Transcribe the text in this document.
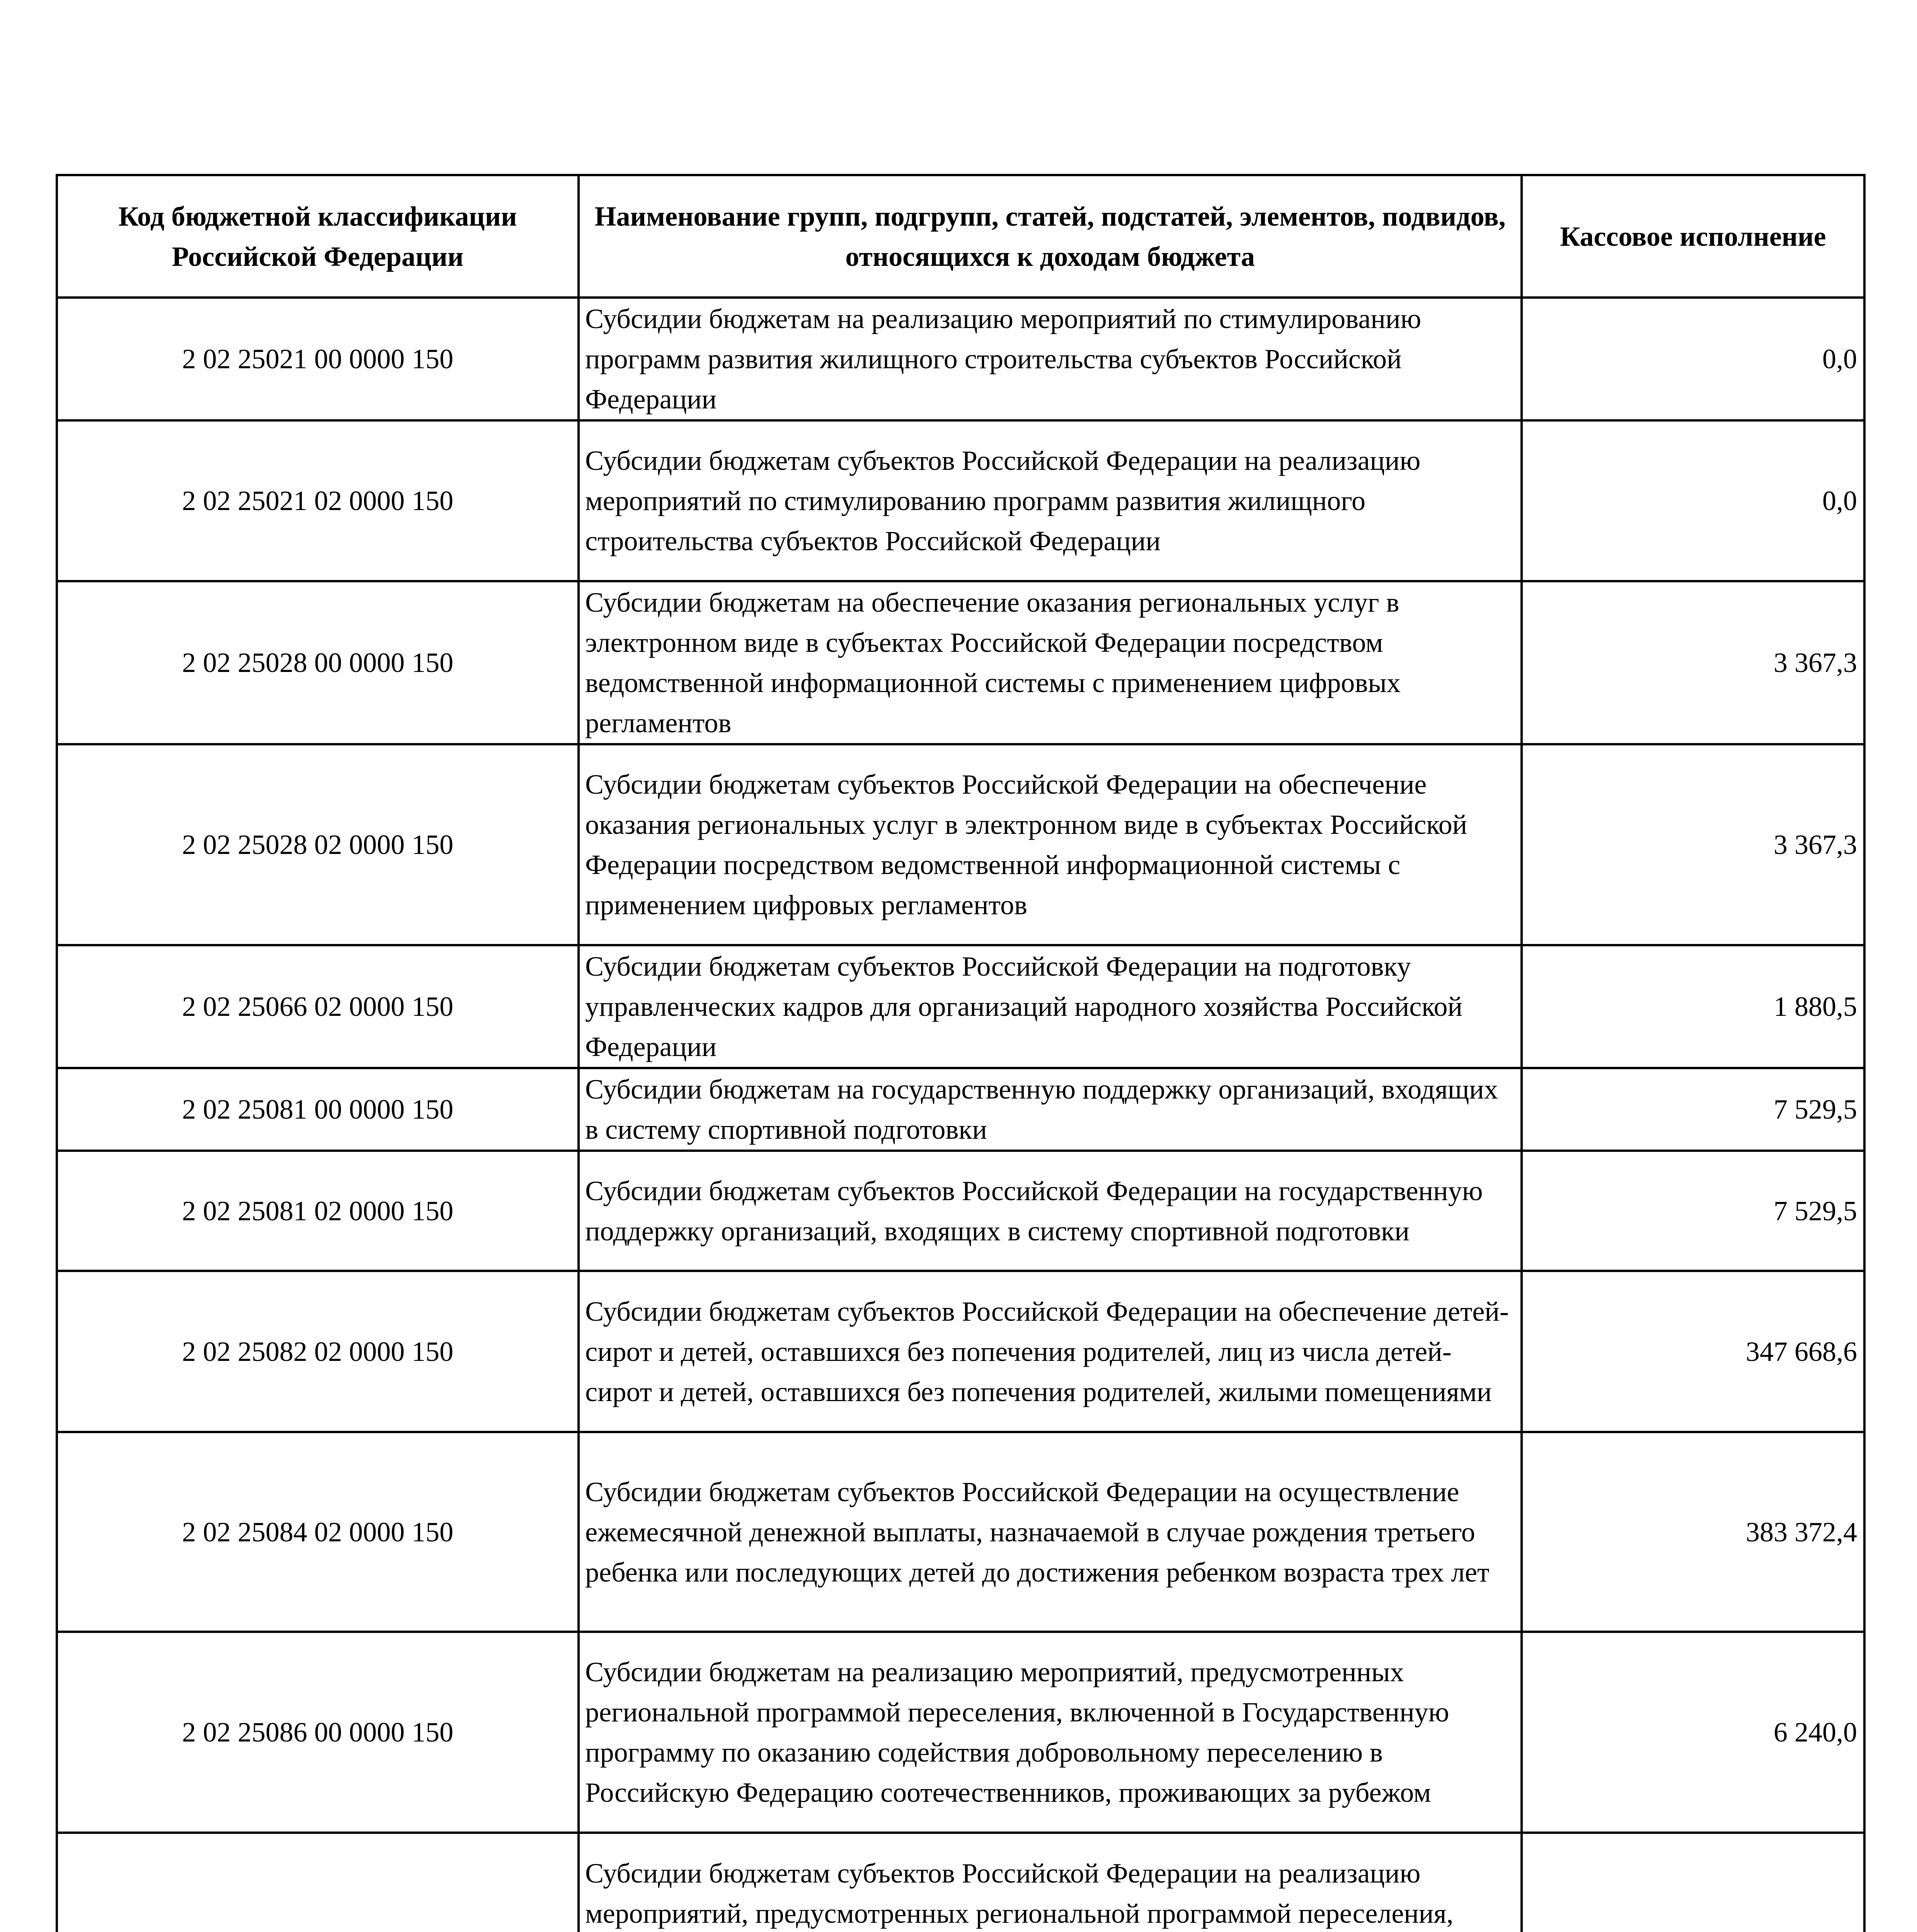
Код бюджетной классификации Российской Федерации	Наименование групп, подгрупп, статей, подстатей, элементов, подвидов, относящихся к доходам бюджета	Кассовое исполнение
2 02 25021 00 0000 150	Субсидии бюджетам на реализацию мероприятий по стимулированию программ развития жилищного строительства субъектов Российской Федерации	0,0
2 02 25021 02 0000 150	Субсидии бюджетам субъектов Российской Федерации на реализацию мероприятий по стимулированию программ развития жилищного строительства субъектов Российской Федерации	0,0
2 02 25028 00 0000 150	Субсидии бюджетам на обеспечение оказания региональных услуг в электронном виде в субъектах Российской Федерации посредством ведомственной информационной системы с применением цифровых регламентов	3 367,3
2 02 25028 02 0000 150	Субсидии бюджетам субъектов Российской Федерации на обеспечение оказания региональных услуг в электронном виде в субъектах Российской Федерации посредством ведомственной информационной системы с применением цифровых регламентов	3 367,3
2 02 25066 02 0000 150	Субсидии бюджетам субъектов Российской Федерации на подготовку управленческих кадров для организаций народного хозяйства Российской Федерации	1 880,5
2 02 25081 00 0000 150	Субсидии бюджетам на государственную поддержку организаций, входящих в систему спортивной подготовки	7 529,5
2 02 25081 02 0000 150	Субсидии бюджетам субъектов Российской Федерации на государственную поддержку организаций, входящих в систему спортивной подготовки	7 529,5
2 02 25082 02 0000 150	Субсидии бюджетам субъектов Российской Федерации на обеспечение детей-сирот и детей, оставшихся без попечения родителей, лиц из числа детей-сирот и детей, оставшихся без попечения родителей, жилыми помещениями	347 668,6
2 02 25084 02 0000 150	Субсидии бюджетам субъектов Российской Федерации на осуществление ежемесячной денежной выплаты, назначаемой в случае рождения третьего ребенка или последующих детей до достижения ребенком возраста трех лет	383 372,4
2 02 25086 00 0000 150	Субсидии бюджетам на реализацию мероприятий, предусмотренных региональной программой переселения, включенной в Государственную программу по оказанию содействия добровольному переселению в Российскую Федерацию соотечественников, проживающих за рубежом	6 240,0
	Субсидии бюджетам субъектов Российской Федерации на реализацию мероприятий, предусмотренных региональной программой переселения,	
